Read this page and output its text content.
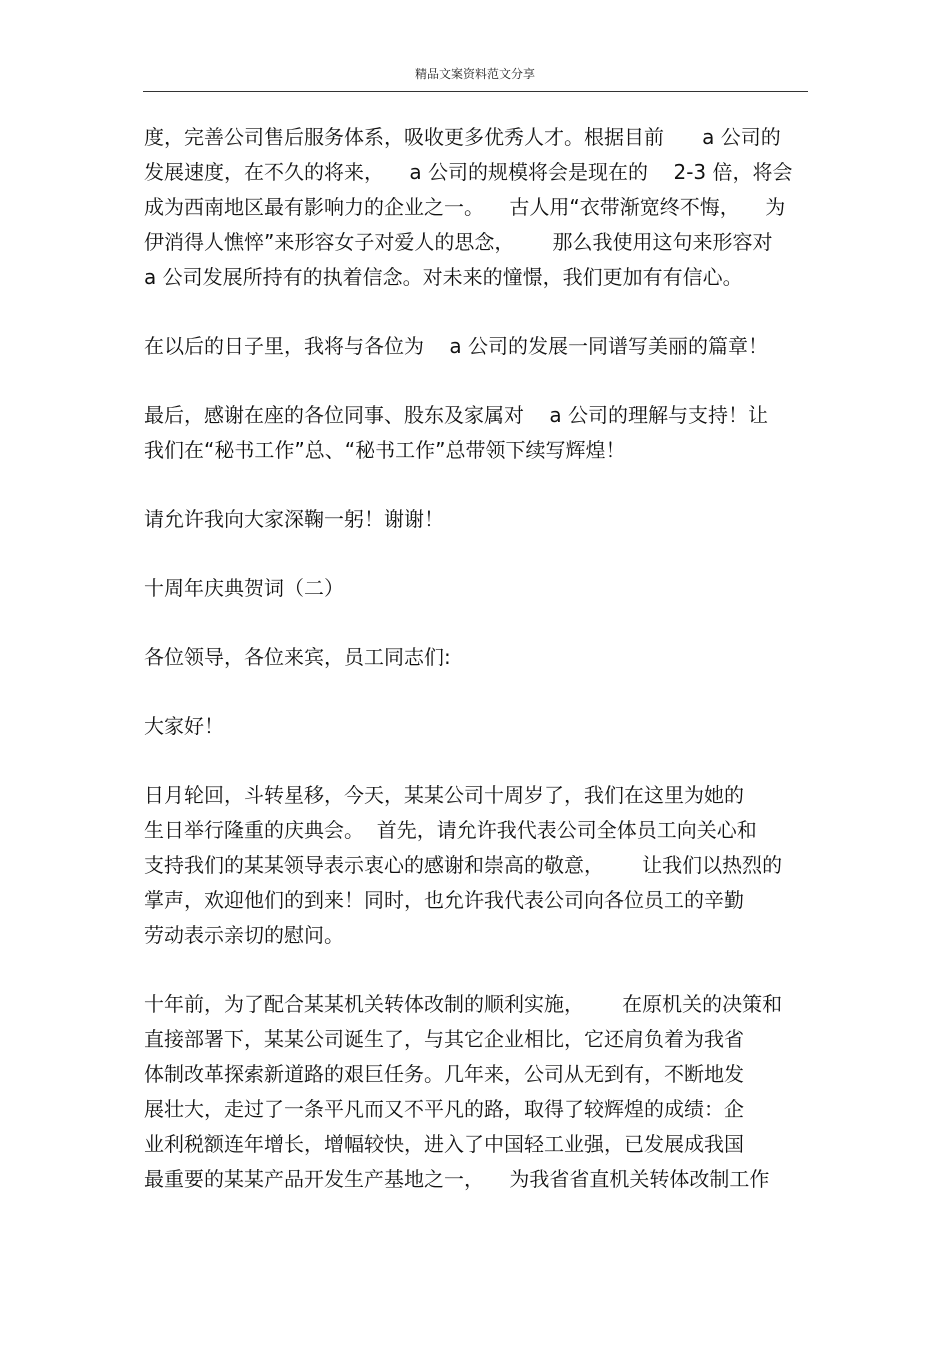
精品文案资料范文分享
度，完善公司售后服务体系，吸收更多优秀人才。根据目前      a 公司的
发展速度，在不久的将来，    a 公司的规模将会是现在的    2-3 倍，将会
成为西南地区最有影响力的企业之一。    古人用“衣带渐宽终不悔，    为
伊消得人憔悴”来形容女子对爱人的思念，      那么我使用这句来形容对
a 公司发展所持有的执着信念。对未来的憧憬，我们更加有有信心。
在以后的日子里，我将与各位为    a 公司的发展一同谱写美丽的篇章！
最后，感谢在座的各位同事、股东及家属对    a 公司的理解与支持！让
我们在“秘书工作”总、“秘书工作”总带领下续写辉煌！
请允许我向大家深鞠一躬！谢谢！
十周年庆典贺词（二）
各位领导，各位来宾，员工同志们:
大家好！
日月轮回，斗转星移，今天，某某公司十周岁了，我们在这里为她的
生日举行隆重的庆典会。  首先，请允许我代表公司全体员工向关心和
支持我们的某某领导表示衷心的感谢和崇高的敬意，      让我们以热烈的
掌声，欢迎他们的到来！同时，也允许我代表公司向各位员工的辛勤
劳动表示亲切的慰问。
十年前，为了配合某某机关转体改制的顺利实施，      在原机关的决策和
直接部署下，某某公司诞生了，与其它企业相比，它还肩负着为我省
体制改革探索新道路的艰巨任务。几年来，公司从无到有，不断地发
展壮大，走过了一条平凡而又不平凡的路，取得了较辉煌的成绩：企
业利税额连年增长，增幅较快，进入了中国轻工业强，已发展成我国
最重要的某某产品开发生产基地之一，    为我省省直机关转体改制工作
